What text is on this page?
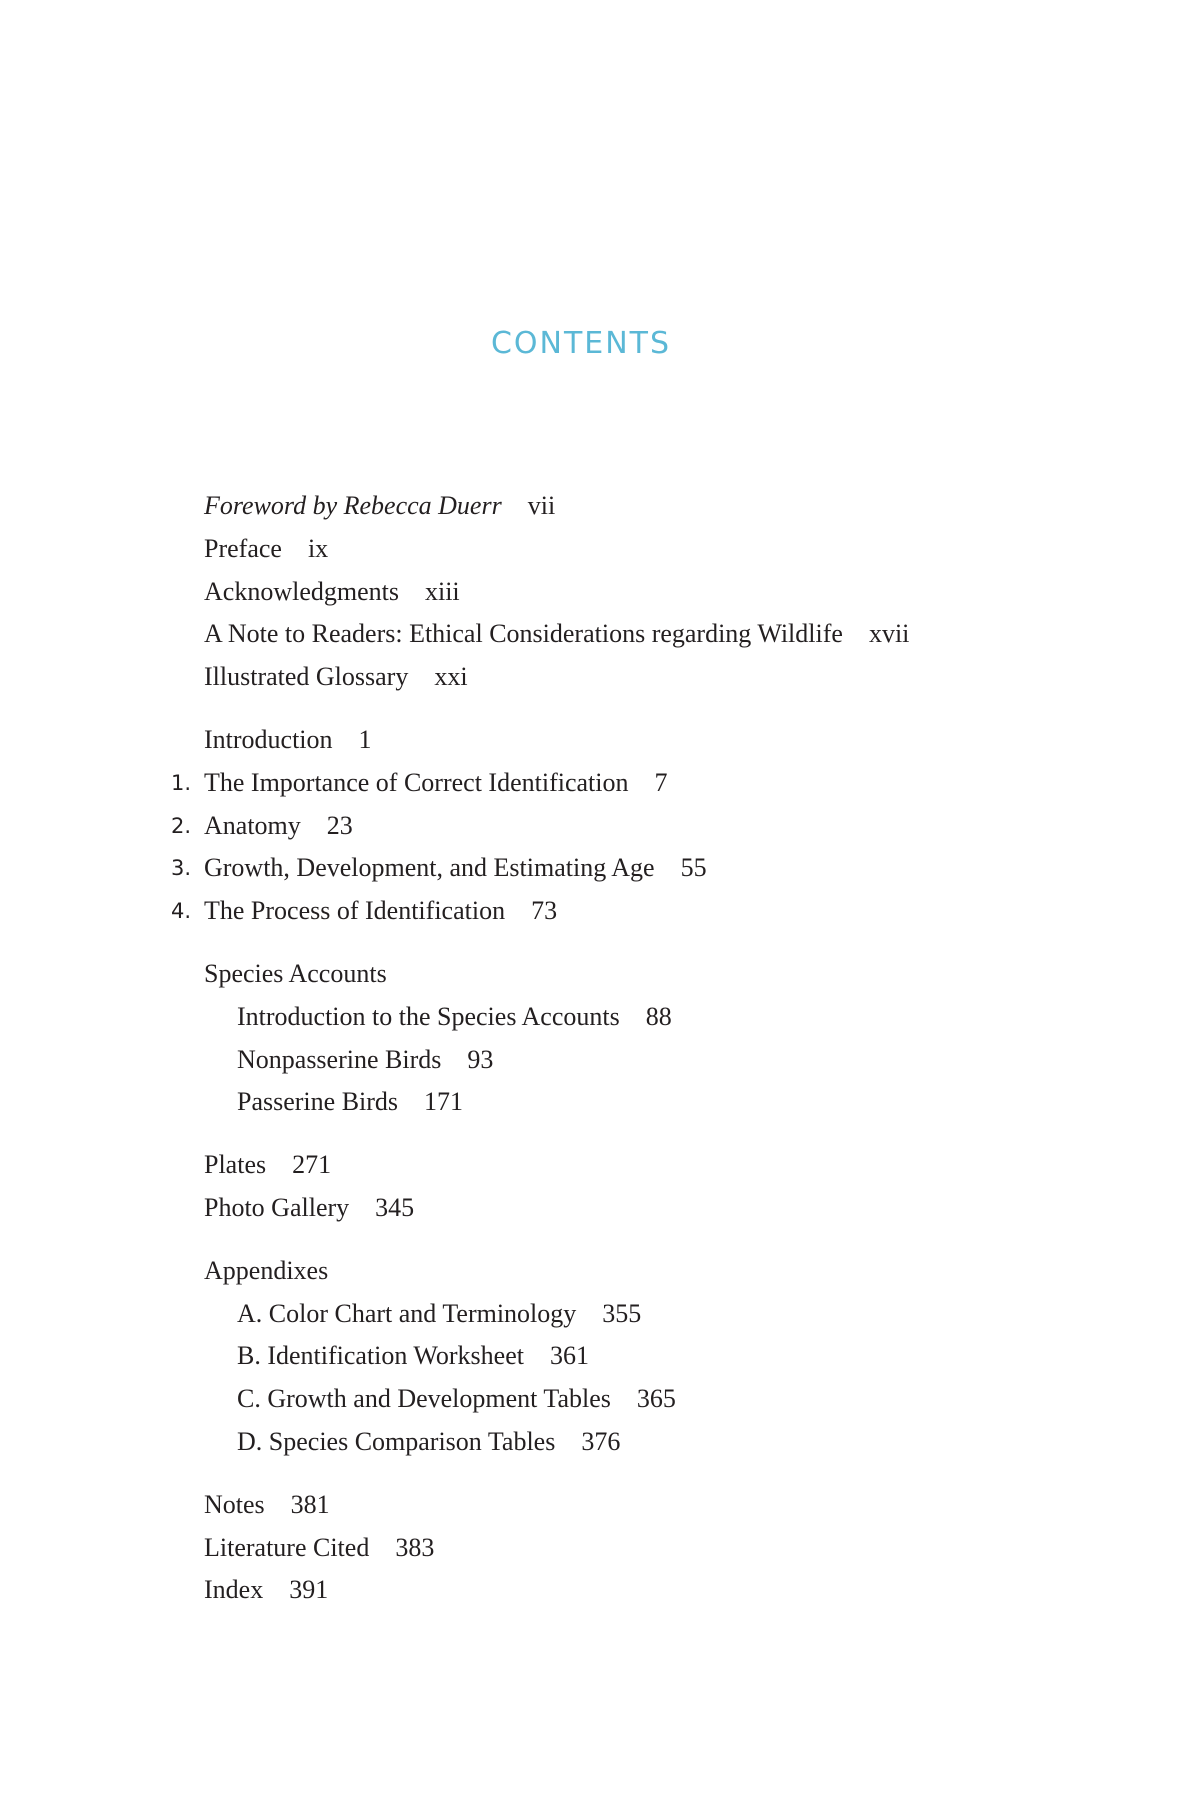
CONTENTS
Foreword by Rebecca Duerr vii
Preface ix
Acknowledgments xiii
A Note to Readers: Ethical Considerations regarding Wildlife xvii
Illustrated Glossary xxi
Introduction 1
1. The Importance of Correct Identification 7
2. Anatomy 23
3. Growth, Development, and Estimating Age 55
4. The Process of Identification 73
Species Accounts
Introduction to the Species Accounts 88
Nonpasserine Birds 93
Passerine Birds 171
Plates 271
Photo Gallery 345
Appendixes
A. Color Chart and Terminology 355
B. Identification Worksheet 361
C. Growth and Development Tables 365
D. Species Comparison Tables 376
Notes 381
Literature Cited 383
Index 391
